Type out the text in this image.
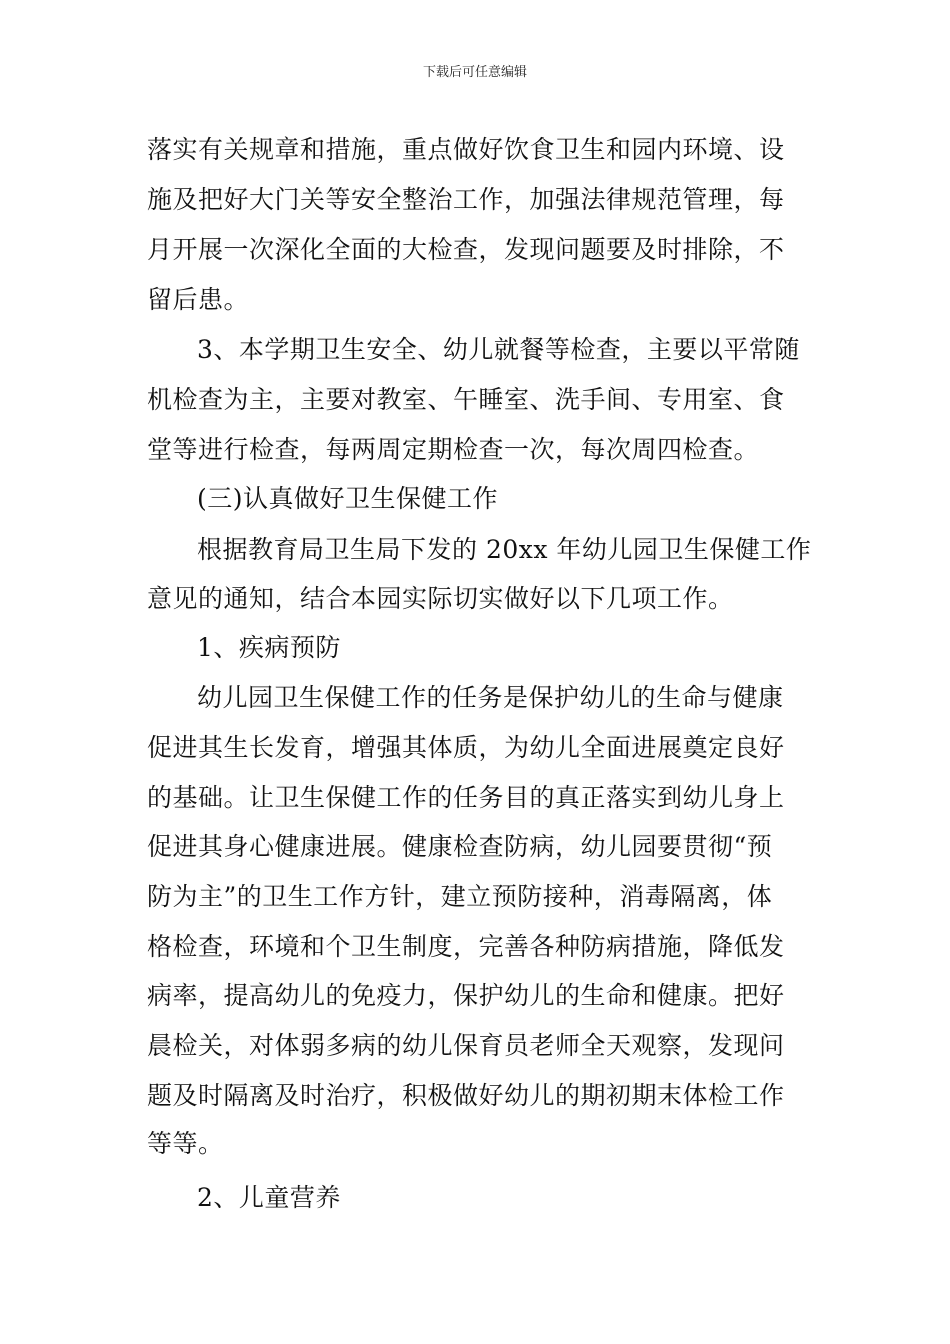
下载后可任意编辑
落实有关规章和措施，重点做好饮食卫生和园内环境、设
施及把好大门关等安全整治工作，加强法律规范管理，每
月开展一次深化全面的大检查，发现问题要及时排除，不
留后患。
3、本学期卫生安全、幼儿就餐等检查，主要以平常随
机检查为主，主要对教室、午睡室、洗手间、专用室、食
堂等进行检查，每两周定期检查一次，每次周四检查。
(三)认真做好卫生保健工作
根据教育局卫生局下发的 20xx 年幼儿园卫生保健工作
意见的通知，结合本园实际切实做好以下几项工作。
1、疾病预防
幼儿园卫生保健工作的任务是保护幼儿的生命与健康
促进其生长发育，增强其体质，为幼儿全面进展奠定良好
的基础。让卫生保健工作的任务目的真正落实到幼儿身上
促进其身心健康进展。健康检查防病，幼儿园要贯彻“预
防为主”的卫生工作方针，建立预防接种，消毒隔离，体
格检查，环境和个卫生制度，完善各种防病措施，降低发
病率，提高幼儿的免疫力，保护幼儿的生命和健康。把好
晨检关，对体弱多病的幼儿保育员老师全天观察，发现问
题及时隔离及时治疗，积极做好幼儿的期初期末体检工作
等等。
2、儿童营养
